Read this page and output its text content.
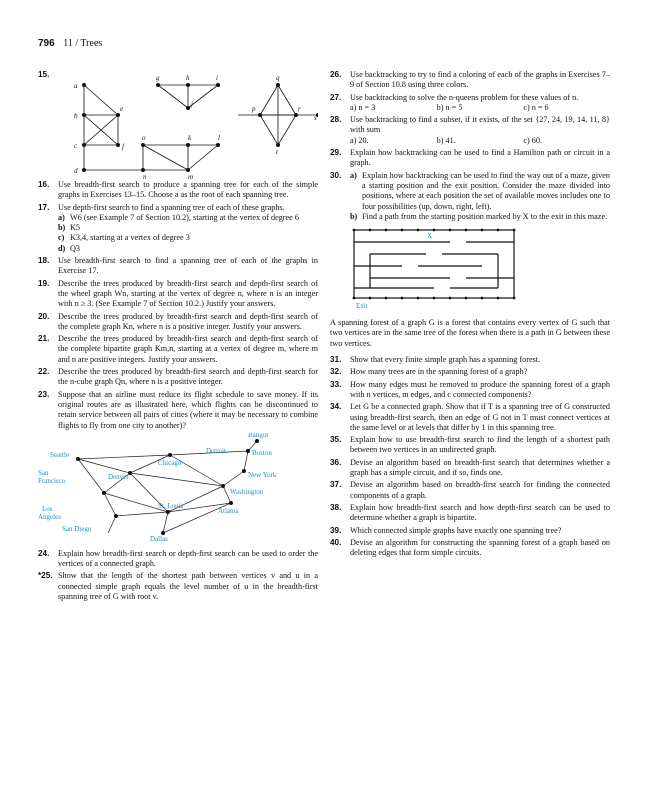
796 11 / Trees
15.
a
b
c
d
e
f
g	h	i
j
k	l
m
n
o
p
q
r
s
t
16. Use breadth-first search to produce a spanning tree for each of the simple graphs in Exercises 13–15. Choose a as the root of each spanning tree.
17. Use depth-first search to find a spanning tree of each of these graphs.
a) W6 (see Example 7 of Section 10.2), starting at the vertex of degree 6
b) K5
c) K3,4, starting at a vertex of degree 3
d) Q3
18. Use breadth-first search to find a spanning tree of each of the graphs in Exercise 17.
19. Describe the trees produced by breadth-first search and depth-first search of the wheel graph Wn, starting at the vertex of degree n, where n is an integer with n ≥ 3. (See Example 7 of Section 10.2.) Justify your answers.
20. Describe the trees produced by breadth-first search and depth-first search of the complete graph Kn, where n is a positive integer. Justify your answers.
21. Describe the trees produced by breadth-first search and depth-first search of the complete bipartite graph Km,n, starting at a vertex of degree m, where m and n are positive integers. Justify your answers.
22. Describe the trees produced by breadth-first search and depth-first search for the n-cube graph Qn, where n is a positive integer.
23. Suppose that an airline must reduce its flight schedule to save money. If its original routes are as illustrated here, which flights can be discontinued to retain service between all pairs of cities (where it may be necessary to combine flights to fly from one city to another)?
Bangor
Seattle	Detroit
Chicago
Boston
San
Francisco	Denver	New York
Washington
St. Louis
Los
Angeles
Atlanta
San Diego
Dallas
24. Explain how breadth-first search or depth-first search can be used to order the vertices of a connected graph.
*25. Show that the length of the shortest path between vertices v and u in a connected simple graph equals the level number of u in the breadth-first spanning tree of G with root v.
26. Use backtracking to try to find a coloring of each of the graphs in Exercises 7–9 of Section 10.8 using three colors.
27. Use backtracking to solve the n-queens problem for these values of n.
a) n = 3	b) n = 5	c) n = 6
28. Use backtracking to find a subset, if it exists, of the set {27, 24, 19, 14, 11, 8} with sum
a) 20.	b) 41.	c) 60.
29. Explain how backtracking can be used to find a Hamilton path or circuit in a graph.
30. a) Explain how backtracking can be used to find the way out of a maze, given a starting position and the exit position. Consider the maze divided into positions, where at each position the set of available moves includes one to four possibilities (up, down, right, left).
b) Find a path from the starting position marked by X to the exit in this maze.
X
Exit
A spanning forest of a graph G is a forest that contains every vertex of G such that two vertices are in the same tree of the forest when there is a path in G between these two vertices.
31. Show that every finite simple graph has a spanning forest.
32. How many trees are in the spanning forest of a graph?
33. How many edges must be removed to produce the spanning forest of a graph with n vertices, m edges, and c connected components?
34. Let G be a connected graph. Show that if T is a spanning tree of G constructed using breadth-first search, then an edge of G not in T must connect vertices at the same level or at levels that differ by 1 in this spanning tree.
35. Explain how to use breadth-first search to find the length of a shortest path between two vertices in an undirected graph.
36. Devise an algorithm based on breadth-first search that determines whether a graph has a simple circuit, and if so, finds one.
37. Devise an algorithm based on breadth-first search for finding the connected components of a graph.
38. Explain how breadth-first search and how depth-first search can be used to determine whether a graph is bipartite.
39. Which connected simple graphs have exactly one spanning tree?
40. Devise an algorithm for constructing the spanning forest of a graph based on deleting edges that form simple circuits.
